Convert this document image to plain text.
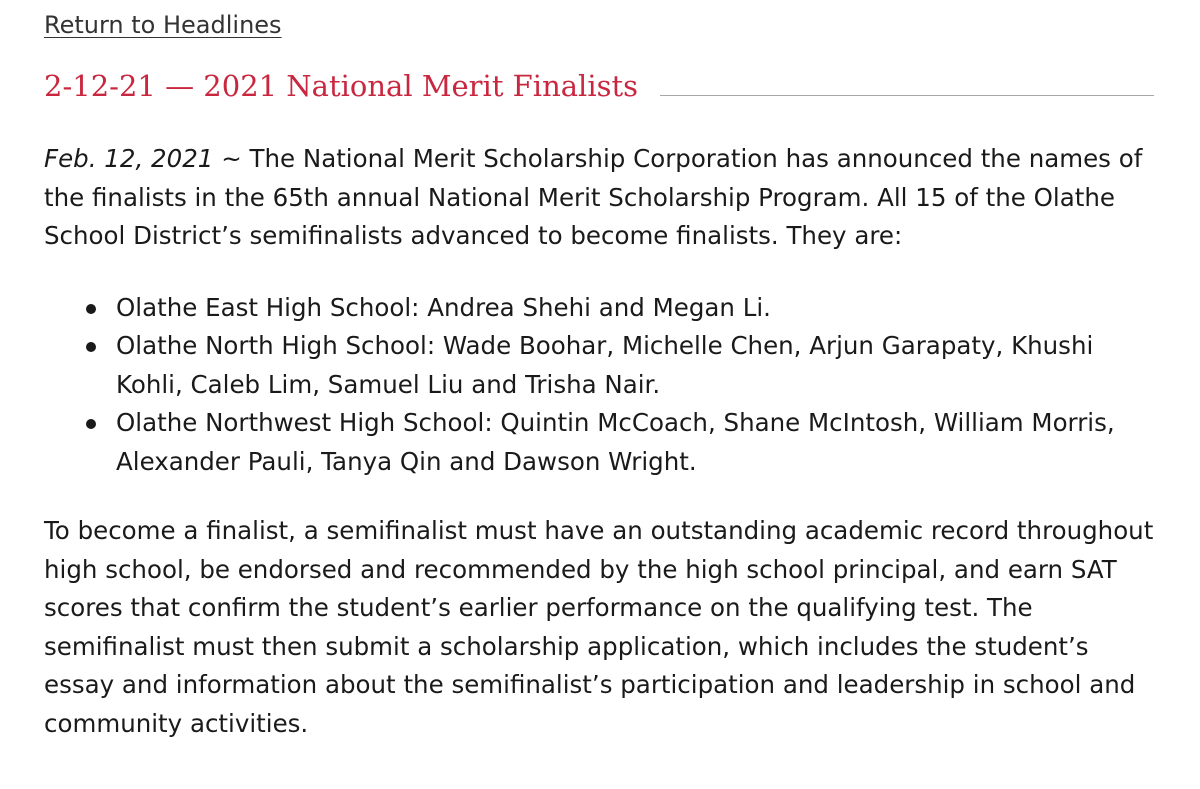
Return to Headlines
2-12-21 — 2021 National Merit Finalists

Feb. 12, 2021 ~ The National Merit Scholarship Corporation has announced the names of the finalists in the 65th annual National Merit Scholarship Program. All 15 of the Olathe School District’s semifinalists advanced to become finalists. They are:

Olathe East High School: Andrea Shehi and Megan Li.
Olathe North High School: Wade Boohar, Michelle Chen, Arjun Garapaty, Khushi Kohli, Caleb Lim, Samuel Liu and Trisha Nair.
Olathe Northwest High School: Quintin McCoach, Shane McIntosh, William Morris, Alexander Pauli, Tanya Qin and Dawson Wright.

To become a finalist, a semifinalist must have an outstanding academic record throughout high school, be endorsed and recommended by the high school principal, and earn SAT scores that confirm the student’s earlier performance on the qualifying test. The semifinalist must then submit a scholarship application, which includes the student’s essay and information about the semifinalist’s participation and leadership in school and community activities.
